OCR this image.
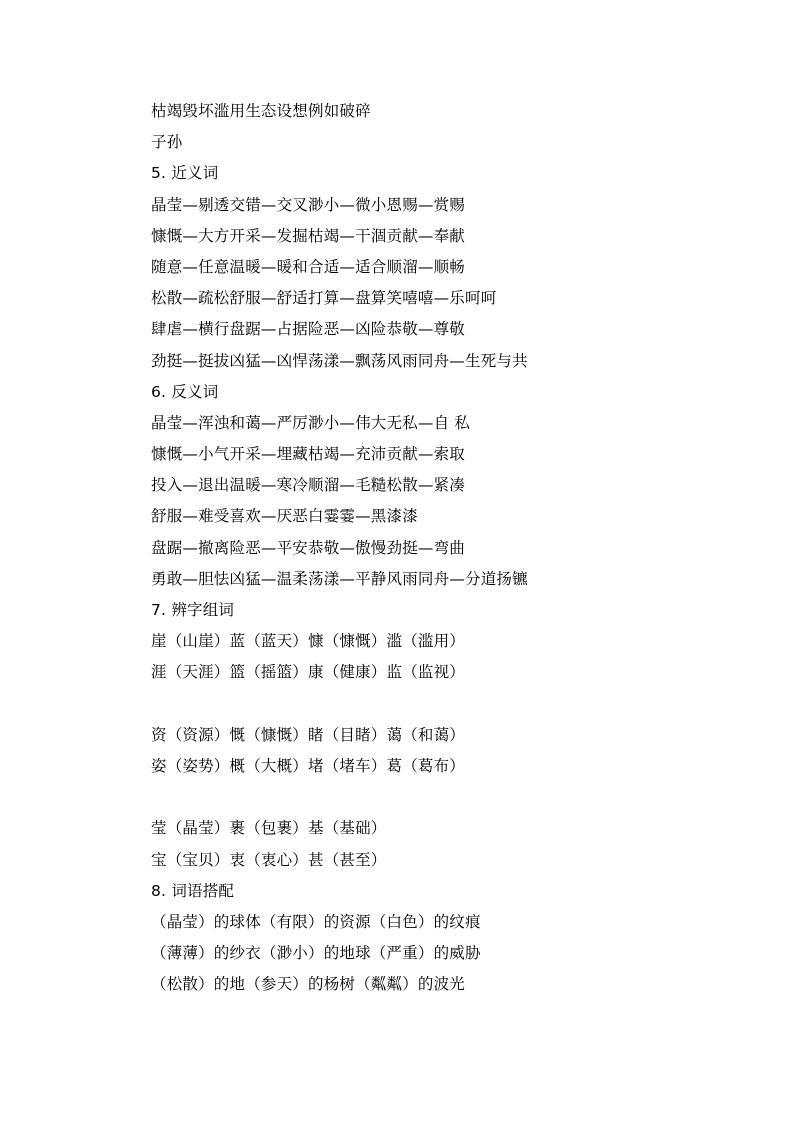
枯竭毁坏滥用生态设想例如破碎
子孙
5. 近义词
晶莹—剔透交错—交叉渺小—微小恩赐—赏赐
慷慨—大方开采—发掘枯竭—干涸贡献—奉献
随意—任意温暖—暖和合适—适合顺溜—顺畅
松散—疏松舒服—舒适打算—盘算笑嘻嘻—乐呵呵
肆虐—横行盘踞—占据险恶—凶险恭敬—尊敬
劲挺—挺拔凶猛—凶悍荡漾—飘荡风雨同舟—生死与共
6. 反义词
晶莹—浑浊和蔼—严厉渺小—伟大无私—自 私
慷慨—小气开采—埋藏枯竭—充沛贡献—索取
投入—退出温暖—寒冷顺溜—毛糙松散—紧凑
舒服—难受喜欢—厌恶白霎霎—黑漆漆
盘踞—撤离险恶—平安恭敬—傲慢劲挺—弯曲
勇敢—胆怯凶猛—温柔荡漾—平静风雨同舟—分道扬镳
7. 辨字组词
崖（山崖）蓝（蓝天）慷（慷慨）滥（滥用）
涯（天涯）篮（摇篮）康（健康）监（监视）
资（资源）慨（慷慨）睹（目睹）蔼（和蔼）
姿（姿势）概（大概）堵（堵车）葛（葛布）
莹（晶莹）裹（包裹）基（基础）
宝（宝贝）衷（衷心）甚（甚至）
8. 词语搭配
（晶莹）的球体（有限）的资源（白色）的纹痕
（薄薄）的纱衣（渺小）的地球（严重）的威胁
（松散）的地（参天）的杨树（粼粼）的波光
